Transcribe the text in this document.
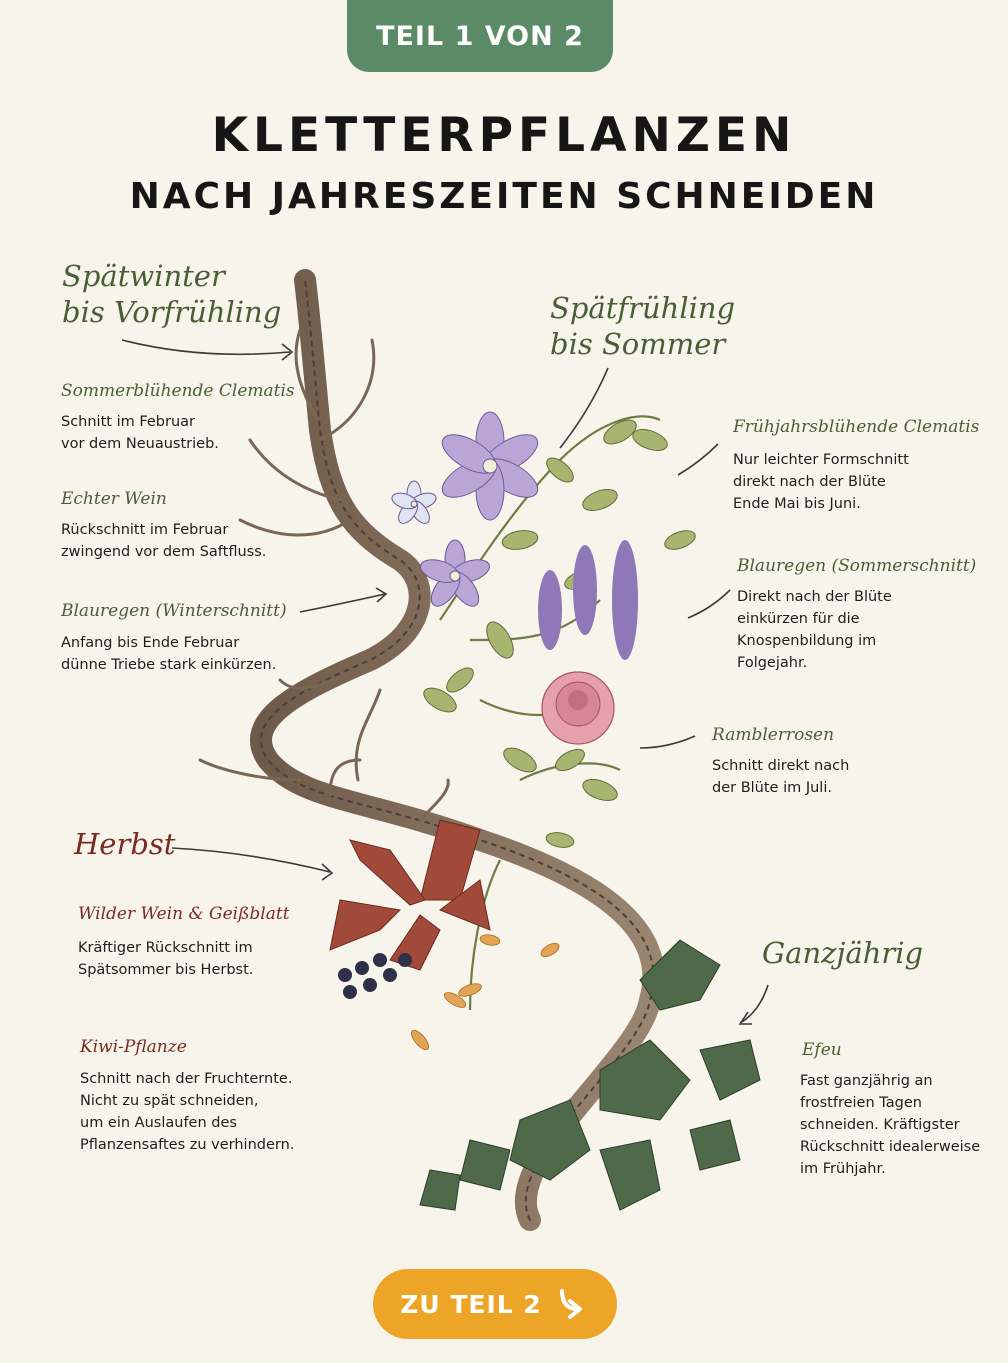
TEIL 1 VON 2
KLETTERPFLANZEN
NACH JAHRESZEITEN SCHNEIDEN
Spätwinter
bis Vorfrühling	Spätfrühling
bis Sommer
Herbst
Ganzjährig
Sommerblühende Clematis
Schnitt im Februar
vor dem Neuaustrieb.
Echter Wein
Rückschnitt im Februar
zwingend vor dem Saftfluss.
Blauregen (Winterschnitt)
Anfang bis Ende Februar
dünne Triebe stark einkürzen.
Wilder Wein & Geißblatt
Kräftiger Rückschnitt im
Spätsommer bis Herbst.
Kiwi-Pflanze
Schnitt nach der Fruchternte.
Nicht zu spät schneiden,
um ein Auslaufen des
Pflanzensaftes zu verhindern.
Frühjahrsblühende Clematis
Nur leichter Formschnitt
direkt nach der Blüte
Ende Mai bis Juni.
Blauregen (Sommerschnitt)
Direkt nach der Blüte
einkürzen für die
Knospenbildung im
Folgejahr.
Ramblerrosen
Schnitt direkt nach
der Blüte im Juli.
Efeu
Fast ganzjährig an
frostfreien Tagen
schneiden. Kräftigster
Rückschnitt idealerweise
im Frühjahr.
ZU TEIL 2
